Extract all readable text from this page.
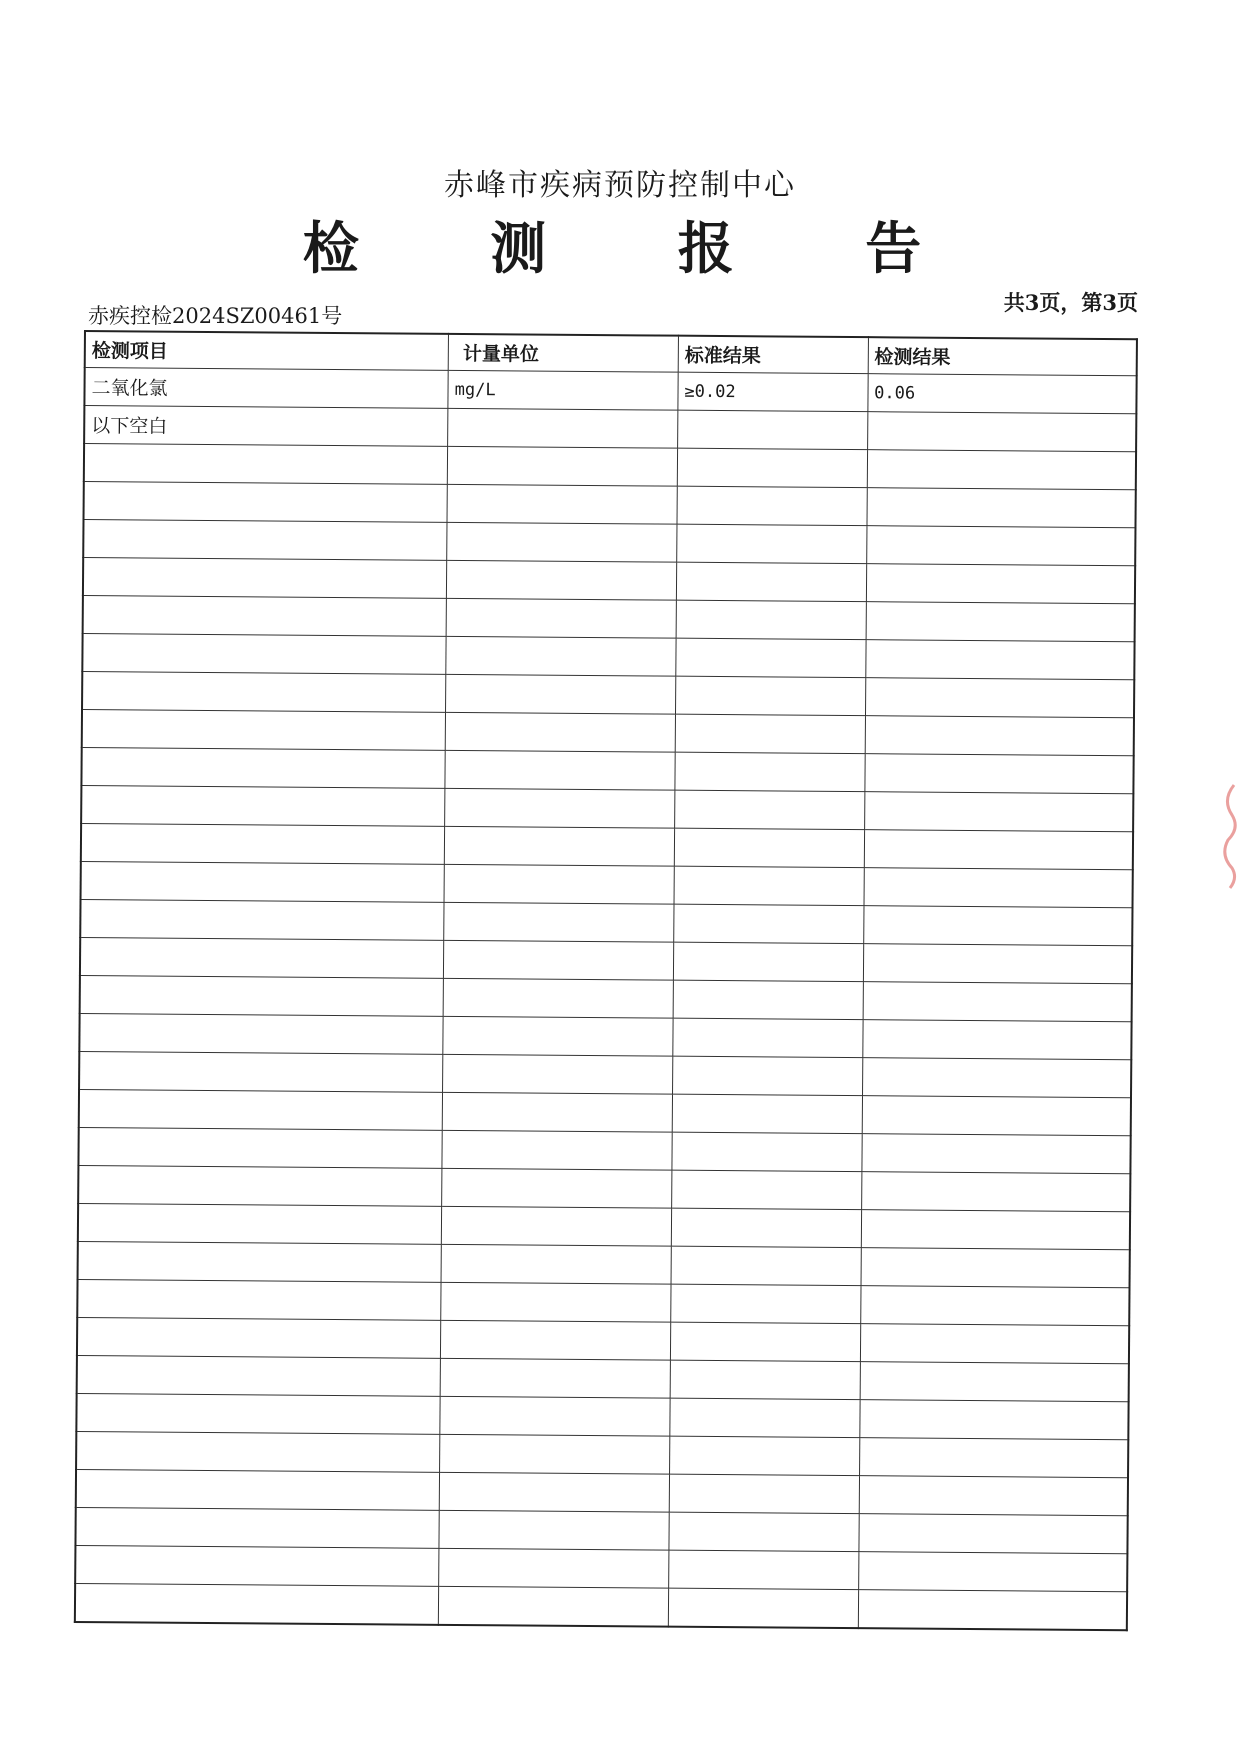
赤峰市疾病预防控制中心
检 测 报 告
赤疾控检2024SZ00461号
共3页，第3页
检测项目	计量单位	标准结果	检测结果
二氧化氯	mg/L	≥0.02	0.06
以下空白			
